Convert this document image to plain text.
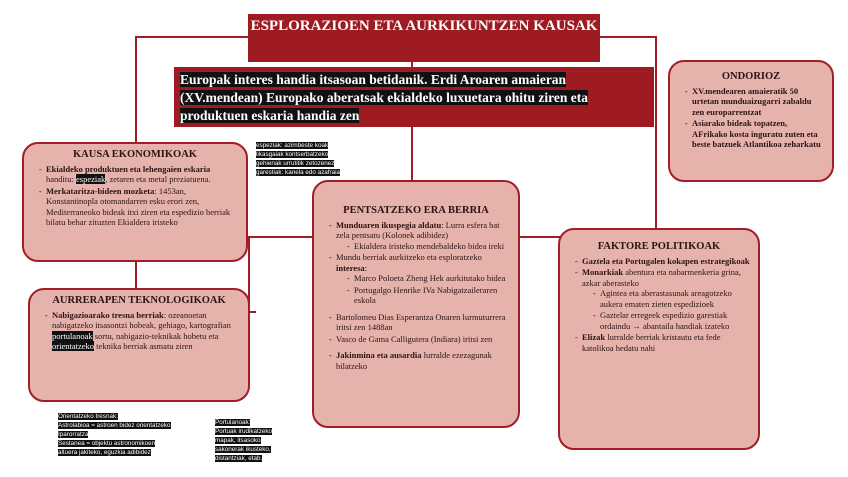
ESPLORAZIOEN ETA AURKIKUNTZEN KAUSAK
Europak interes handia itsasoan betidanik. Erdi Aroaren amaieran (XV.mendean) Europako aberatsak ekialdeko luxuetara ohitu ziren eta produktuen eskaria handia zen
KAUSA EKONOMIKOAK
- Ekialdeko produktuen eta lehengaien eskaria handitu: espeziak, zetaren eta metal preziatuena.
- Merkataritza-bideen mozketa: 1453an, Konstantinopla otomandarren esku erori zen, Mediterraneoko bideak itxi ziren eta espedizio berriak bilatu behar zituzten Ekialdera iristeko
AURRERAPEN TEKNOLOGIKOAK
- Nabigazioarako tresna berriak: ozeanoetan nabigatzeko itsasontzi hobeak, gehiago, kartografian portulanoak sortu, nabigazio-teknikak hobetu eta orientatzeko teknika berriak asmatu ziren
PENTSATZEKO ERA BERRIA
- Munduaren ikuspegia aldatu: Lurra esfera bat zela pentsatu (Kolonek adibidez)
- Ekialdera iristeko mendebaldeko bidea ireki
- Mundu berriak aurkitzeko eta esploratzeko interesa:
- Marco Poloeta Zheng Hek aurkitutako bidea
- Portugalgo Henrike IVa Nabigatzaileraren eskola
- Bartolomeu Dias Esperantza Onaren lurmuturrera iritsi zen 1488an
- Vasco de Gama Calligutera (Indiara) iritsi zen
- Jakinmina eta ausardia lurralde ezezagunak bilatzeko
FAKTORE POLITIKOAK
- Gaztela eta Portugalen kokapen estrategikoak
- Monarkiak abentura eta nabarmenkeria grina, azkar aberasteko
- Agintea eta aberastasunak areagotzeko aukera ematen zieten espedizioek
- Gaztelar erregeek espedizio garestiak ordaindu → abantaila handiak izateko
- Elizak lurralde berriak kristautu eta fede katolikoa hedatu nahi
ONDORIOZ
- XV.mendearen amaieratik 50 urtetan munduaizugarri zabaldu zen europarrentzat
- Asiarako bideak topatzen, AFrikako kosta inguratu zuten eta beste batzuek Atlantikoa zeharkatu
espeziak: azimbeste koak
likasgaiak kontserbatzeko
gehienak urrutitik zetozenez
garestiak: kanela edo azafraia
Orientatzeko tresnak:
Astrolabioa = astroen bidez orientatzeko
Iparorratza
Sestanea = objektu astronomikoen
altuera jakiteko, eguzkia adibidez
Portulanoak:
Portuak irudikatzeko
mapak, itsasoko
sakonerak ikusteko,
distantziak, etab.
